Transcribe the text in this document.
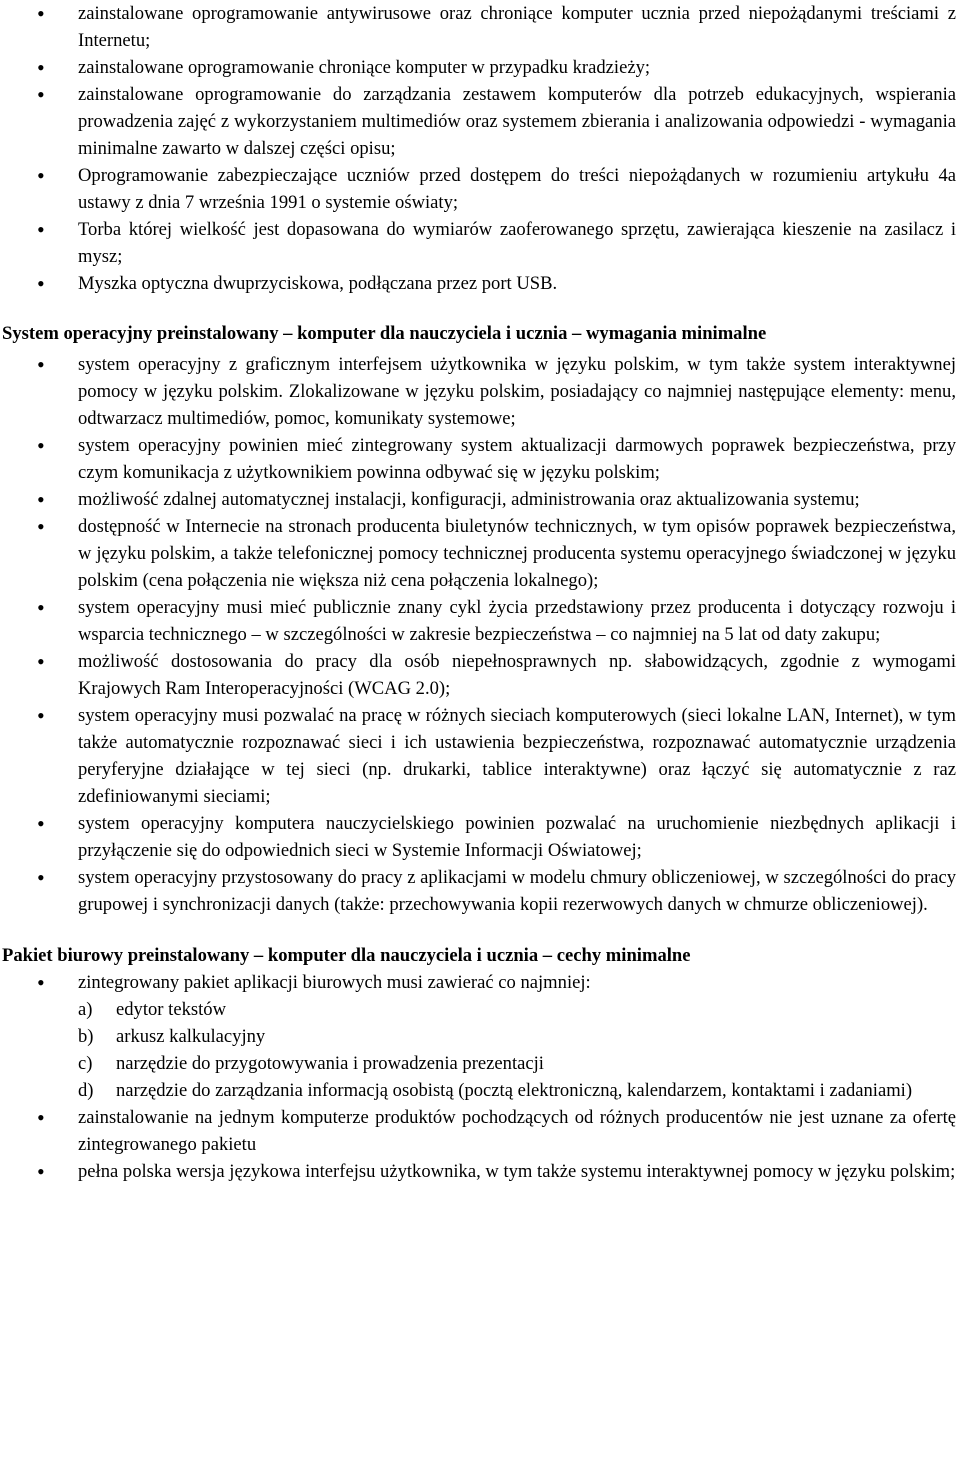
• zainstalowane oprogramowanie antywirusowe oraz chroniące komputer ucznia przed niepożądanymi treściami z Internetu;
• zainstalowane oprogramowanie chroniące komputer w przypadku kradzieży;
• zainstalowane oprogramowanie do zarządzania zestawem komputerów dla potrzeb edukacyjnych, wspierania prowadzenia zajęć z wykorzystaniem multimediów oraz systemem zbierania i analizowania odpowiedzi - wymagania minimalne zawarto w dalszej części opisu;
• Oprogramowanie zabezpieczające uczniów przed dostępem do treści niepożądanych w rozumieniu artykułu 4a ustawy z dnia 7 września 1991 o systemie oświaty;
• Torba której wielkość jest dopasowana do wymiarów zaoferowanego sprzętu, zawierająca kieszenie na zasilacz i mysz;
• Myszka optyczna dwuprzyciskowa, podłączana przez port USB.

System operacyjny preinstalowany – komputer dla nauczyciela i ucznia – wymagania minimalne

• system operacyjny z graficznym interfejsem użytkownika w języku polskim, w tym także system interaktywnej pomocy w języku polskim. Zlokalizowane w języku polskim, posiadający co najmniej następujące elementy: menu, odtwarzacz multimediów, pomoc, komunikaty systemowe;
• system operacyjny powinien mieć zintegrowany system aktualizacji darmowych poprawek bezpieczeństwa, przy czym komunikacja z użytkownikiem powinna odbywać się w języku polskim;
• możliwość zdalnej automatycznej instalacji, konfiguracji, administrowania oraz aktualizowania systemu;
• dostępność w Internecie na stronach producenta biuletynów technicznych, w tym opisów poprawek bezpieczeństwa, w języku polskim, a także telefonicznej pomocy technicznej producenta systemu operacyjnego świadczonej w języku polskim (cena połączenia nie większa niż cena połączenia lokalnego);
• system operacyjny musi mieć publicznie znany cykl życia przedstawiony przez producenta i dotyczący rozwoju i wsparcia technicznego – w szczególności w zakresie bezpieczeństwa – co najmniej na 5 lat od daty zakupu;
• możliwość dostosowania do pracy dla osób niepełnosprawnych np. słabowidzących, zgodnie z wymogami Krajowych Ram Interoperacyjności (WCAG 2.0);
• system operacyjny musi pozwalać na pracę w różnych sieciach komputerowych (sieci lokalne LAN, Internet), w tym także automatycznie rozpoznawać sieci i ich ustawienia bezpieczeństwa, rozpoznawać automatycznie urządzenia peryferyjne działające w tej sieci (np. drukarki, tablice interaktywne) oraz łączyć się automatycznie z raz zdefiniowanymi sieciami;
• system operacyjny komputera nauczycielskiego powinien pozwalać na uruchomienie niezbędnych aplikacji i przyłączenie się do odpowiednich sieci w Systemie Informacji Oświatowej;
• system operacyjny przystosowany do pracy z aplikacjami w modelu chmury obliczeniowej, w szczególności do pracy grupowej i synchronizacji danych (także: przechowywania kopii rezerwowych danych w chmurze obliczeniowej).

Pakiet biurowy preinstalowany – komputer dla nauczyciela i ucznia – cechy minimalne

• zintegrowany pakiet aplikacji biurowych musi zawierać co najmniej:
a) edytor tekstów
b) arkusz kalkulacyjny
c) narzędzie do przygotowywania i prowadzenia prezentacji
d) narzędzie do zarządzania informacją osobistą (pocztą elektroniczną, kalendarzem, kontaktami i zadaniami)
• zainstalowanie na jednym komputerze produktów pochodzących od różnych producentów nie jest uznane za ofertę zintegrowanego pakietu
• pełna polska wersja językowa interfejsu użytkownika, w tym także systemu interaktywnej pomocy w języku polskim;
